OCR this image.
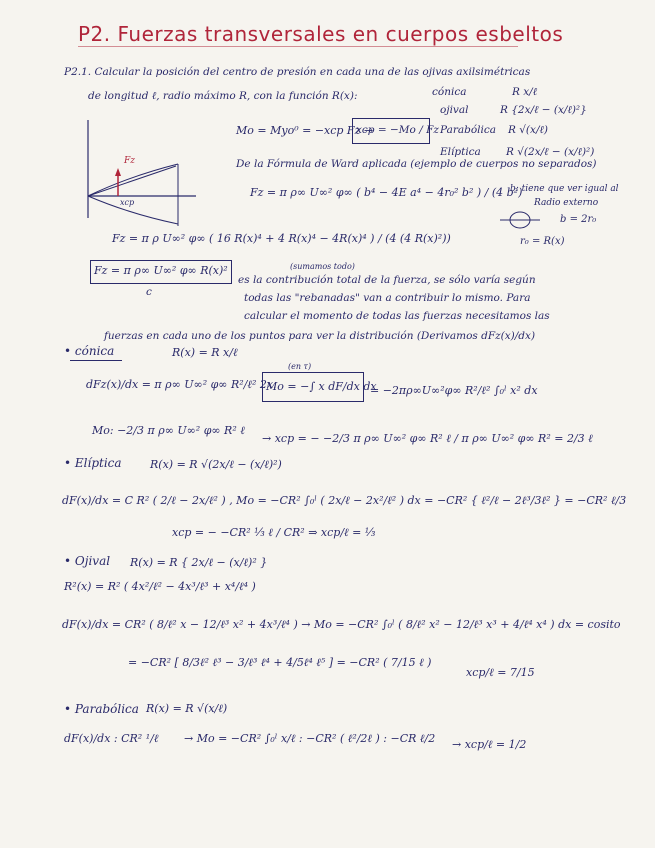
P2. Fuerzas transversales en cuerpos esbeltos
P2.1. Calcular la posición del centro de presión en cada una de las ojivas axilsimétricas
de longitud ℓ, radio máximo R, con la función R(x):	cónica	R x/ℓ
ojival	R {2x/ℓ − (x/ℓ)²}
Parabólica R √(x/ℓ)
Elíptica R √(2x/ℓ − (x/ℓ)²)
Fz
xcp
Mo = Myo⁰ = −xcp Fz →
xcp = −Mo / Fz
De la Fórmula de Ward aplicada (ejemplo de cuerpos no separados)
Fz = π ρ∞ U∞² φ∞ ( b⁴ − 4E a⁴ − 4r₀² b² ) / (4 b²)
b: tiene que ver igual al
Radio externo
b = 2r₀
r₀ = R(x)
Fz = π ρ U∞² φ∞ ( 16 R(x)⁴ + 4 R(x)⁴ − 4R(x)⁴ ) / (4 (4 R(x)²))
Fz = π ρ∞ U∞² φ∞ R(x)²
c
(sumamos todo)
es la contribución total de la fuerza, se sólo varía según
todas las "rebanadas" van a contribuir lo mismo. Para
calcular el momento de todas las fuerzas necesitamos las
fuerzas en cada uno de los puntos para ver la distribución (Derivamos dFz(x)/dx)
• cónica	R(x) = R x/ℓ
dFz(x)/dx = π ρ∞ U∞² φ∞ R²/ℓ² 2x.
(en τ)
Mo = −∫ x dF/dx dx
= −2πρ∞U∞²φ∞ R²/ℓ² ∫₀ˡ x² dx
Mo: −2/3 π ρ∞ U∞² φ∞ R² ℓ
→ xcp = − −2/3 π ρ∞ U∞² φ∞ R² ℓ / π ρ∞ U∞² φ∞ R² = 2/3 ℓ
• Elíptica	R(x) = R √(2x/ℓ − (x/ℓ)²)
dF(x)/dx = C R² ( 2/ℓ − 2x/ℓ² ) , Mo = −CR² ∫₀ˡ ( 2x/ℓ − 2x²/ℓ² ) dx = −CR² { ℓ²/ℓ − 2ℓ³/3ℓ² } = −CR² ℓ/3
xcp = − −CR² ⅓ ℓ / CR² ⇒ xcp/ℓ = ⅓
• Ojival R(x) = R { 2x/ℓ − (x/ℓ)² }
R²(x) = R² ( 4x²/ℓ² − 4x³/ℓ³ + x⁴/ℓ⁴ )
dF(x)/dx = CR² ( 8/ℓ² x − 12/ℓ³ x² + 4x³/ℓ⁴ ) → Mo = −CR² ∫₀ˡ ( 8/ℓ² x² − 12/ℓ³ x³ + 4/ℓ⁴ x⁴ ) dx = cosito
= −CR² [ 8/3ℓ² ℓ³ − 3/ℓ³ ℓ⁴ + 4/5ℓ⁴ ℓ⁵ ] = −CR² ( 7/15 ℓ )
xcp/ℓ = 7/15
• Parabólica R(x) = R √(x/ℓ)
dF(x)/dx : CR² ¹/ℓ → Mo = −CR² ∫₀ˡ x/ℓ : −CR² ( ℓ²/2ℓ ) : −CR ℓ/2 → xcp/ℓ = 1/2
